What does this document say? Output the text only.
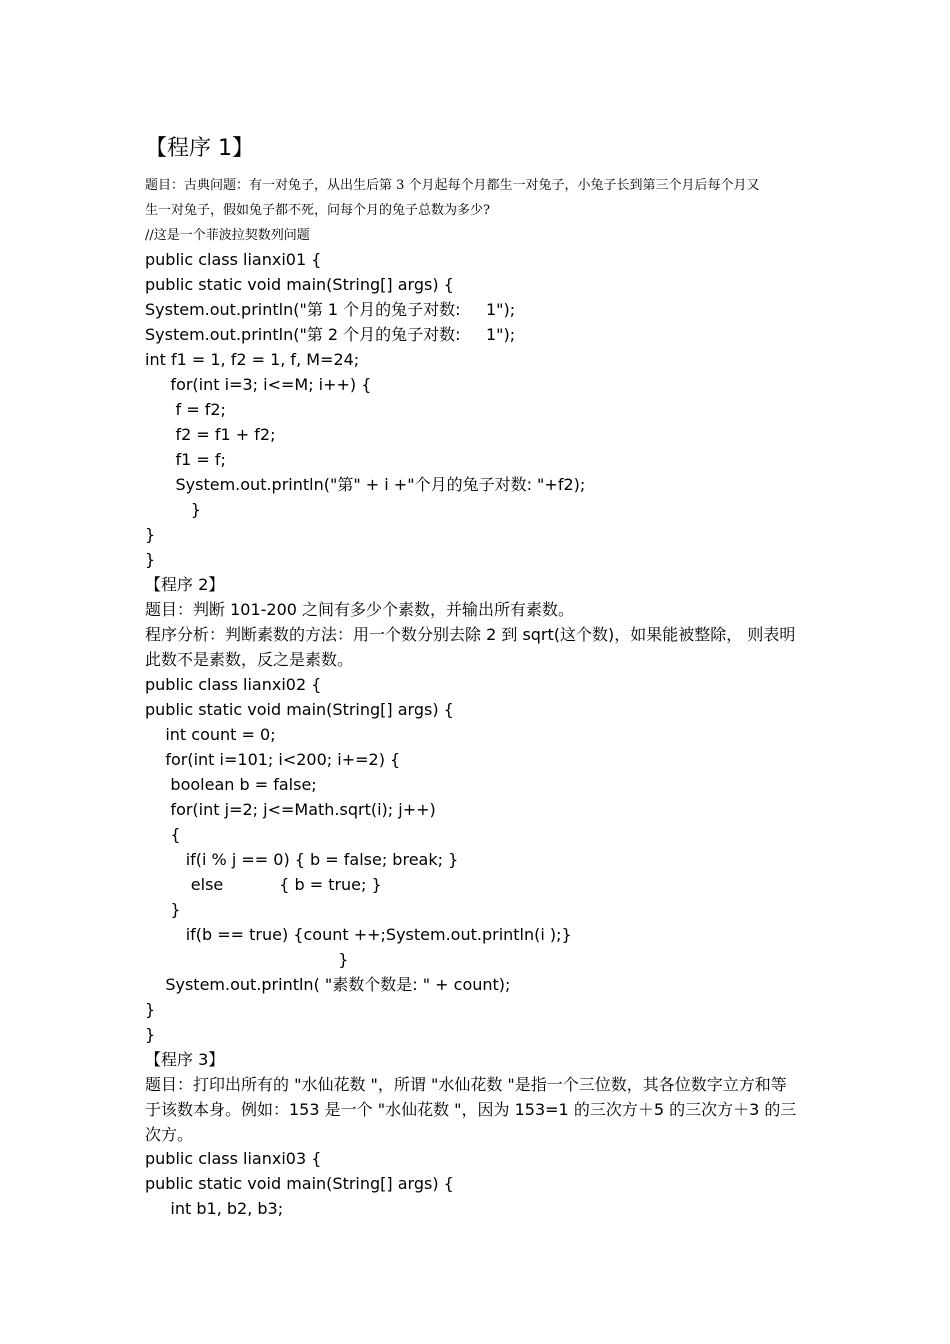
【程序 1】
题目：古典问题：有一对兔子，从出生后第 3 个月起每个月都生一对兔子，小兔子长到第三个月后每个月又
生一对兔子，假如兔子都不死，问每个月的兔子总数为多少?
//这是一个菲波拉契数列问题
public class lianxi01 {
public static void main(String[] args) {
System.out.println("第 1 个月的兔子对数:     1");
System.out.println("第 2 个月的兔子对数:     1");
int f1 = 1, f2 = 1, f, M=24;
for(int i=3; i<=M; i++) {
f = f2;
f2 = f1 + f2;
f1 = f;
System.out.println("第" + i +"个月的兔子对数: "+f2);
}
}
}
【程序 2】
题目：判断 101-200 之间有多少个素数，并输出所有素数。
程序分析：判断素数的方法：用一个数分别去除 2 到 sqrt(这个数)，如果能被整除， 则表明
此数不是素数，反之是素数。
public class lianxi02 {
public static void main(String[] args) {
int count = 0;
for(int i=101; i<200; i+=2) {
boolean b = false;
for(int j=2; j<=Math.sqrt(i); j++)
{
if(i % j == 0) { b = false; break; }
else           { b = true; }
}
if(b == true) {count ++;System.out.println(i );}
}
System.out.println( "素数个数是: " + count);
}
}
【程序 3】
题目：打印出所有的 "水仙花数 "，所谓 "水仙花数 "是指一个三位数，其各位数字立方和等
于该数本身。例如：153 是一个 "水仙花数 "，因为 153=1 的三次方＋5 的三次方＋3 的三
次方。
public class lianxi03 {
public static void main(String[] args) {
int b1, b2, b3;
